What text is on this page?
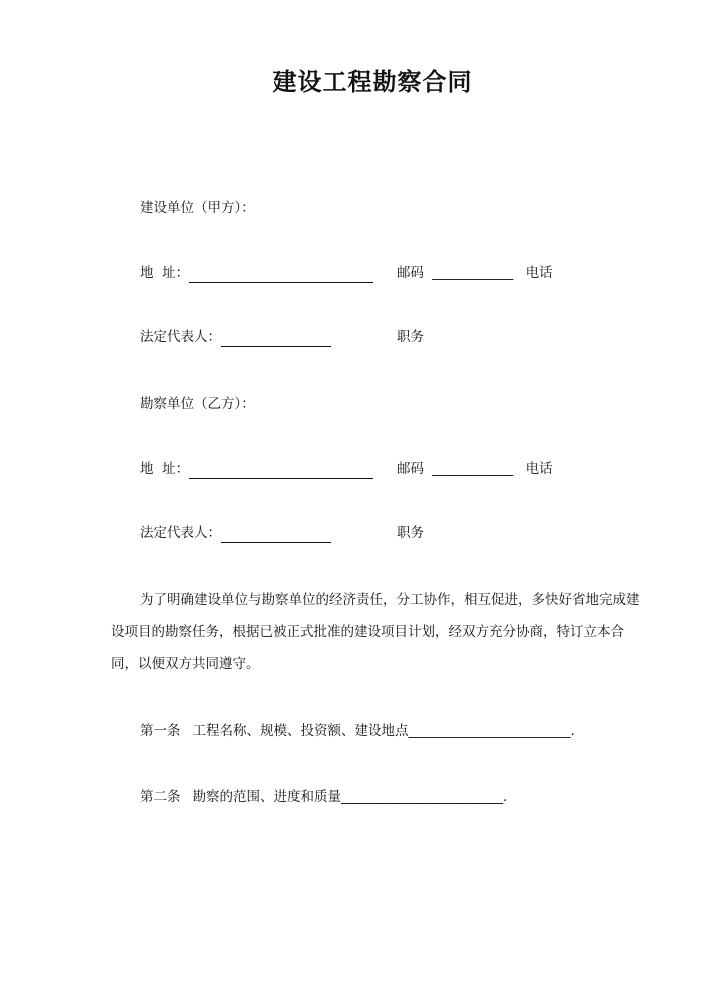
建设工程勘察合同
建设单位（甲方）：
地  址：	邮码 ____________ 电话
法定代表人：	职务
勘察单位（乙方）：
地  址：	邮码 ____________ 电话
法定代表人：	职务
为了明确建设单位与勘察单位的经济责任，分工协作，相互促进，多快好省地完成建设项目的勘察任务，根据已被正式批准的建设项目计划，经双方充分协商，特订立本合同，以便双方共同遵守。
第一条 工程名称、规模、投资额、建设地点________________________.
第二条 勘察的范围、进度和质量________________________.
